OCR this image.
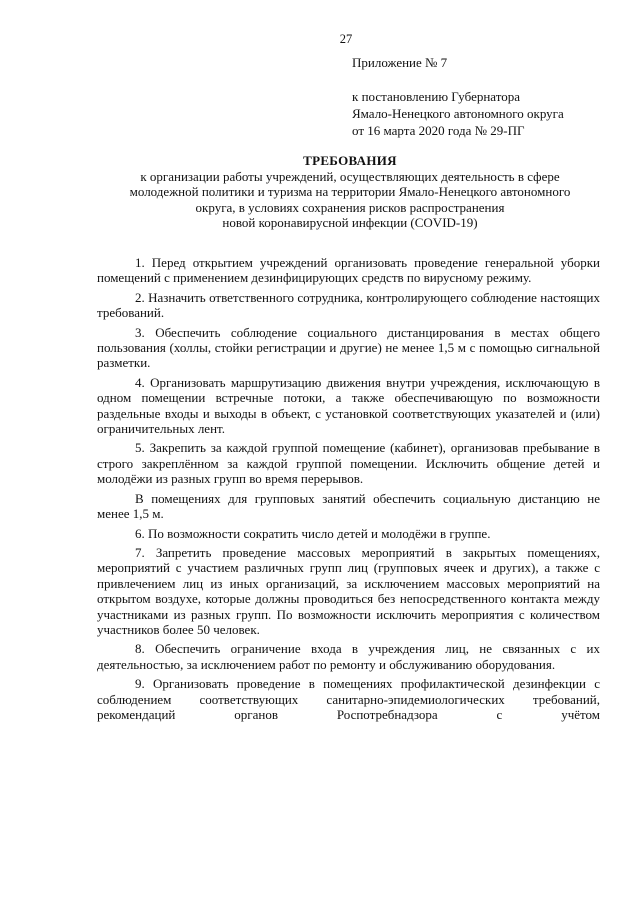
27
Приложение № 7
к постановлению Губернатора
Ямало-Ненецкого автономного округа
от 16 марта 2020 года № 29-ПГ
ТРЕБОВАНИЯ
к организации работы учреждений, осуществляющих деятельность в сфере
молодежной политики и туризма на территории Ямало-Ненецкого автономного
округа, в условиях сохранения рисков распространения
новой коронавирусной инфекции (COVID-19)

1. Перед открытием учреждений организовать проведение генеральной уборки помещений с применением дезинфицирующих средств по вирусному режиму.

2. Назначить ответственного сотрудника, контролирующего соблюдение настоящих требований.

3. Обеспечить соблюдение социального дистанцирования в местах общего пользования (холлы, стойки регистрации и другие) не менее 1,5 м с помощью сигнальной разметки.

4. Организовать маршрутизацию движения внутри учреждения, исключающую в одном помещении встречные потоки, а также обеспечивающую по возможности раздельные входы и выходы в объект, с установкой соответствующих указателей и (или) ограничительных лент.

5. Закрепить за каждой группой помещение (кабинет), организовав пребывание в строго закреплённом за каждой группой помещении. Исключить общение детей и молодёжи из разных групп во время перерывов.

В помещениях для групповых занятий обеспечить социальную дистанцию не менее 1,5 м.

6. По возможности сократить число детей и молодёжи в группе.

7. Запретить проведение массовых мероприятий в закрытых помещениях, мероприятий с участием различных групп лиц (групповых ячеек и других), а также с привлечением лиц из иных организаций, за исключением массовых мероприятий на открытом воздухе, которые должны проводиться без непосредственного контакта между участниками из разных групп. По возможности исключить мероприятия с количеством участников более 50 человек.

8. Обеспечить ограничение входа в учреждения лиц, не связанных с их деятельностью, за исключением работ по ремонту и обслуживанию оборудования.

9. Организовать проведение в помещениях профилактической дезинфекции с соблюдением соответствующих санитарно-эпидемиологических требований, рекомендаций органов Роспотребнадзора с учётом
